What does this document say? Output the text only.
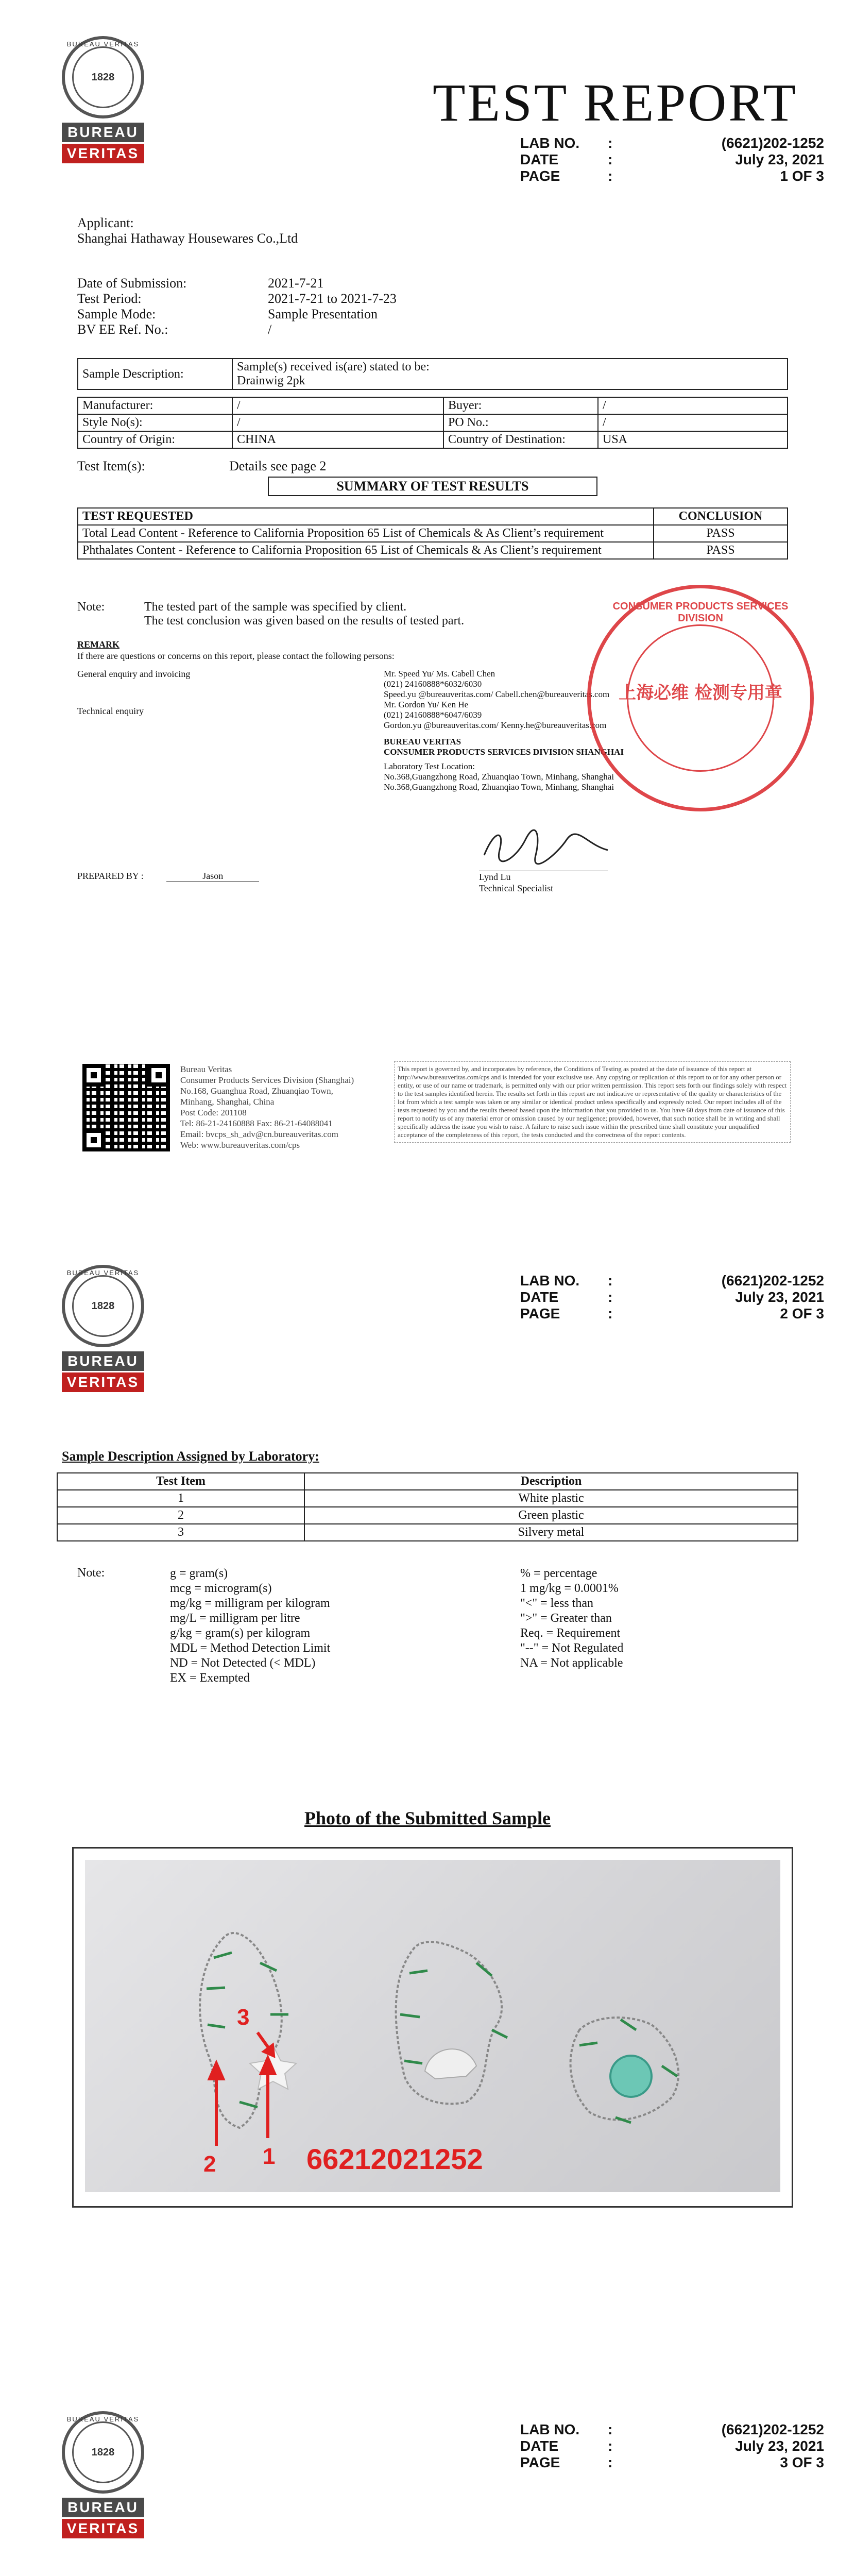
BUREAU VERITAS
1828
BUREAU
VERITAS
TEST REPORT
LAB NO.	:	(6621)202-1252
DATE	:	July 23, 2021
PAGE	:	1 OF 3
Applicant:
Shanghai Hathaway Housewares Co.,Ltd
Date of Submission:	2021-7-21
Test Period:	2021-7-21 to 2021-7-23
Sample Mode:	Sample Presentation
BV EE Ref. No.:	/
Sample Description:	
Sample(s) received is(are) stated to be:
Drainwig 2pk
Manufacturer:	/	Buyer:	/
Style No(s):	/	PO No.:	/
Country of Origin:	CHINA	Country of Destination:	USA
Test Item(s):	Details see page 2
SUMMARY OF TEST RESULTS
TEST REQUESTED	CONCLUSION
Total Lead Content - Reference to California Proposition 65 List of Chemicals & As Client’s requirement	PASS
Phthalates Content - Reference to California Proposition 65 List of Chemicals & As Client’s requirement	PASS
Note:	The tested part of the sample was specified by client.
The test conclusion was given based on the results of tested part.
REMARK
If there are questions or concerns on this report, please contact the following persons:
General enquiry and invoicing
Technical enquiry
Mr. Speed Yu/ Ms. Cabell Chen
(021) 24160888*6032/6030
Speed.yu @bureauveritas.com/ Cabell.chen@bureauveritas.com
Mr. Gordon Yu/ Ken He
(021) 24160888*6047/6039
Gordon.yu @bureauveritas.com/ Kenny.he@bureauveritas.com
BUREAU VERITAS
CONSUMER PRODUCTS SERVICES DIVISION SHANGHAI
Laboratory Test Location:
No.368,Guangzhong Road, Zhuanqiao Town, Minhang, Shanghai
No.368,Guangzhong Road, Zhuanqiao Town, Minhang, Shanghai
CONSUMER PRODUCTS SERVICES DIVISION
上海必维 检测专用章
PREPARED BY :	Jason	Lynd Lu
Technical Specialist
Bureau Veritas
Consumer Products Services Division (Shanghai)
No.168, Guanghua Road, Zhuanqiao Town,
Minhang, Shanghai, China
Post Code: 201108
Tel: 86-21-24160888 Fax: 86-21-64088041
Email: bvcps_sh_adv@cn.bureauveritas.com
Web: www.bureauveritas.com/cps
This report is governed by, and incorporates by reference, the Conditions of Testing as posted at the date of issuance of this report at http://www.bureauveritas.com/cps and is intended for your exclusive use. Any copying or replication of this report to or for any other person or entity, or use of our name or trademark, is permitted only with our prior written permission. This report sets forth our findings solely with respect to the test samples identified herein. The results set forth in this report are not indicative or representative of the quality or characteristics of the lot from which a test sample was taken or any similar or identical product unless specifically and expressly noted. Our report includes all of the tests requested by you and the results thereof based upon the information that you provided to us. You have 60 days from date of issuance of this report to notify us of any material error or omission caused by our negligence; provided, however, that such notice shall be in writing and shall specifically address the issue you wish to raise. A failure to raise such issue within the prescribed time shall constitute your unqualified acceptance of the completeness of this report, the tests conducted and the correctness of the report contents.
BUREAU VERITAS
1828
BUREAU
VERITAS
LAB NO.	:	(6621)202-1252
DATE	:	July 23, 2021
PAGE	:	2 OF 3
Sample Description Assigned by Laboratory:
Test Item	Description
1	White plastic
2	Green plastic
3	Silvery metal
Note:	g = gram(s)
mcg = microgram(s)
mg/kg = milligram per kilogram
mg/L = milligram per litre
g/kg = gram(s) per kilogram
MDL = Method Detection Limit
ND = Not Detected (< MDL)
EX = Exempted
% = percentage
1 mg/kg = 0.0001%
"<" = less than
">" = Greater than
Req. = Requirement
"--" = Not Regulated
NA = Not applicable
Photo of the Submitted Sample
3
2 1 66212021252
BUREAU VERITAS
1828
BUREAU
VERITAS
LAB NO.	:	(6621)202-1252
DATE	:	July 23, 2021
PAGE	:	3 OF 3
